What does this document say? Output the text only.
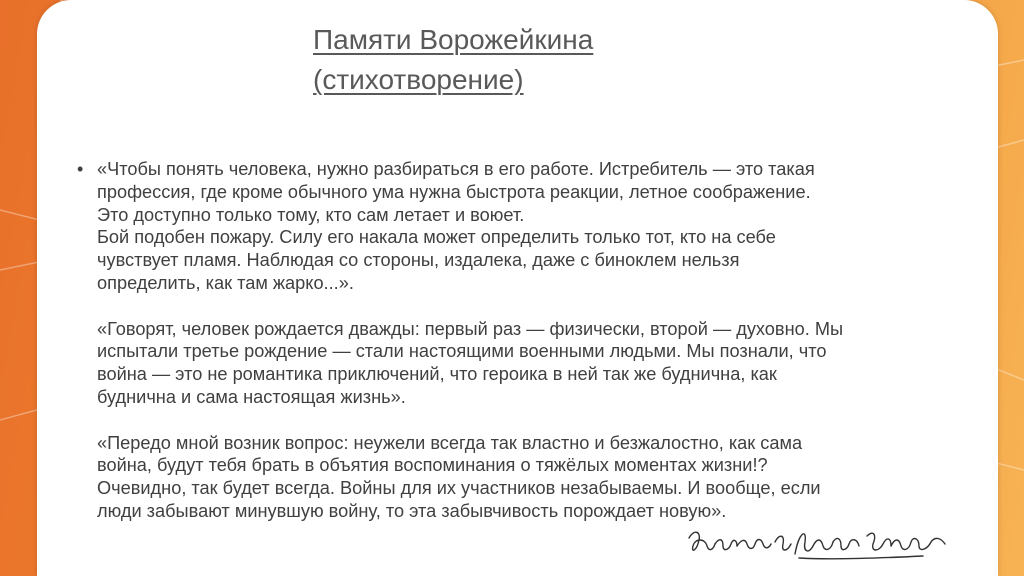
Памяти Ворожейкина
(стихотворение)
• «Чтобы понять человека, нужно разбираться в его работе. Истребитель — это такая
профессия, где кроме обычного ума нужна быстрота реакции, летное соображение.
Это доступно только тому, кто сам летает и воюет.
Бой подобен пожару. Силу его накала может определить только тот, кто на себе
чувствует пламя. Наблюдая со стороны, издалека, даже с биноклем нельзя
определить, как там жарко...».
«Говорят, человек рождается дважды: первый раз — физически, второй — духовно. Мы
испытали третье рождение — стали настоящими военными людьми. Мы познали, что
война — это не романтика приключений, что героика в ней так же буднична, как
буднична и сама настоящая жизнь».
«Передо мной возник вопрос: неужели всегда так властно и безжалостно, как сама
война, будут тебя брать в объятия воспоминания о тяжёлых моментах жизни!?
Очевидно, так будет всегда. Войны для их участников незабываемы. И вообще, если
люди забывают минувшую войну, то эта забывчивость порождает новую».
